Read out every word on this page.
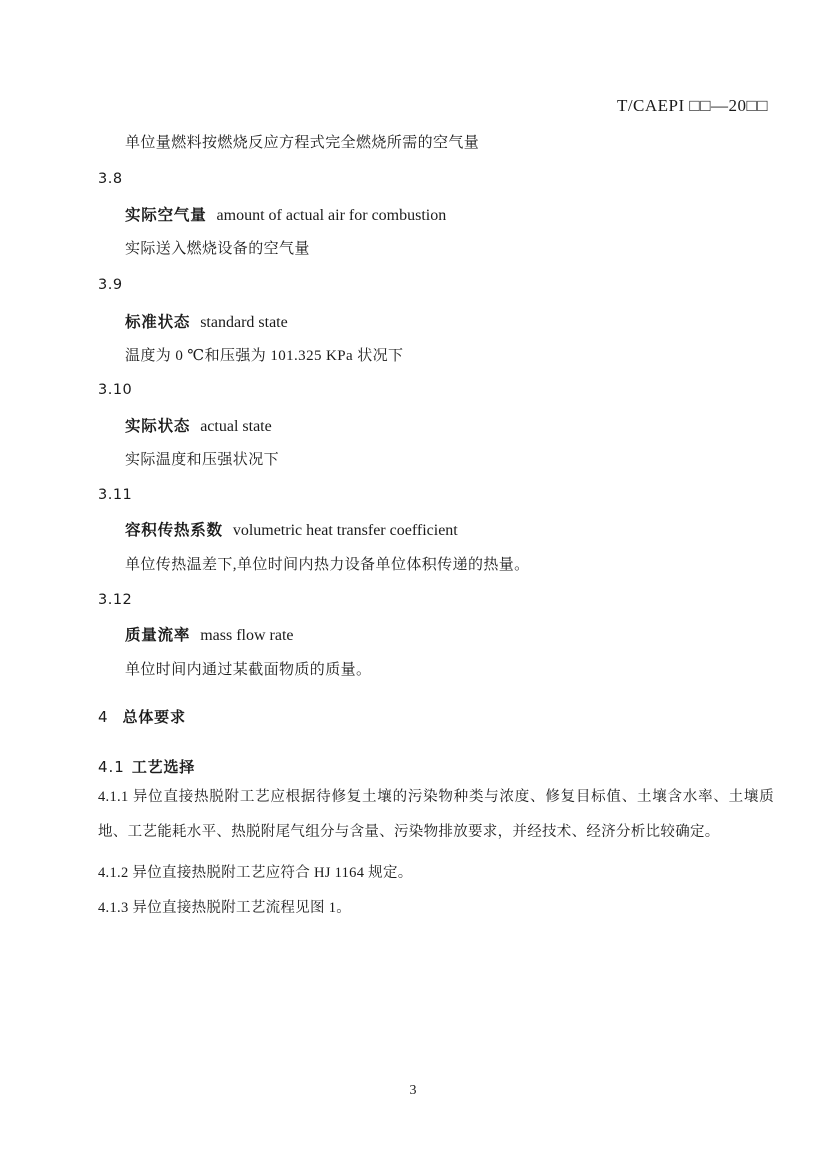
T/CAEPI □□—20□□
单位量燃料按燃烧反应方程式完全燃烧所需的空气量
3.8
实际空气量 amount of actual air for combustion
实际送入燃烧设备的空气量
3.9
标准状态 standard state
温度为 0 ℃和压强为 101.325 KPa 状况下
3.10
实际状态 actual state
实际温度和压强状况下
3.11
容积传热系数 volumetric heat transfer coefficient
单位传热温差下,单位时间内热力设备单位体积传递的热量。
3.12
质量流率 mass flow rate
单位时间内通过某截面物质的质量。
4 总体要求
4.1 工艺选择
4.1.1 异位直接热脱附工艺应根据待修复土壤的污染物种类与浓度、修复目标值、土壤含水率、土壤质地、工艺能耗水平、热脱附尾气组分与含量、污染物排放要求，并经技术、经济分析比较确定。
4.1.2 异位直接热脱附工艺应符合 HJ 1164 规定。
4.1.3 异位直接热脱附工艺流程见图 1。
3
